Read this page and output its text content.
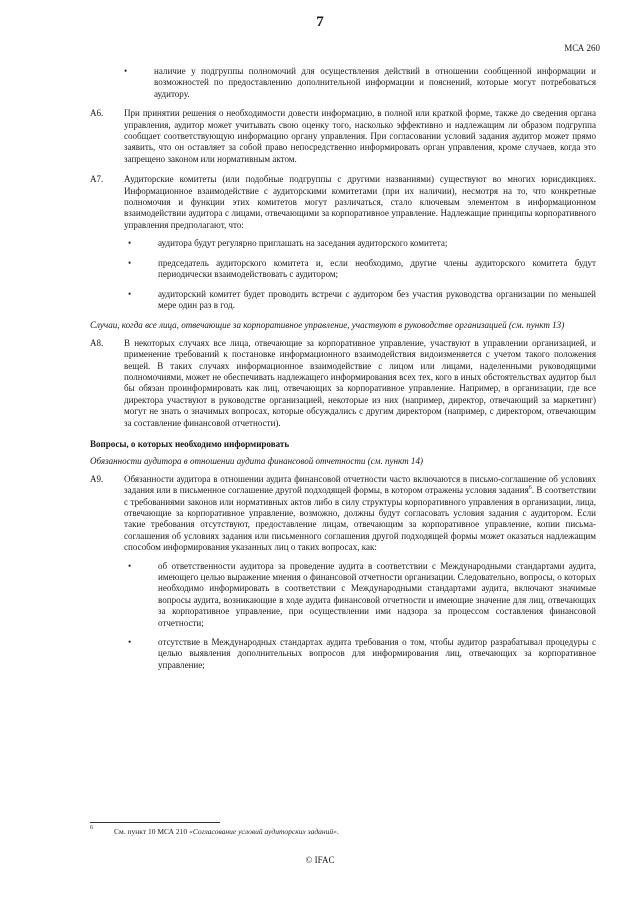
7
МСА 260
•	наличие у подгруппы полномочий для осуществления действий в отношении сообщенной информации и возможностей по предоставлению дополнительной информации и пояснений, которые могут потребоваться аудитору.
A6. При принятии решения о необходимости довести информацию, в полной или краткой форме, также до сведения органа управления, аудитор может учитывать свою оценку того, насколько эффективно и надлежащим ли образом подгруппа сообщает соответствующую информацию органу управления. При согласовании условий задания аудитор может прямо заявить, что он оставляет за собой право непосредственно информировать орган управления, кроме случаев, когда это запрещено законом или нормативным актом.
A7. Аудиторские комитеты (или подобные подгруппы с другими названиями) существуют во многих юрисдикциях. Информационное взаимодействие с аудиторскими комитетами (при их наличии), несмотря на то, что конкретные полномочия и функции этих комитетов могут различаться, стало ключевым элементом в информационном взаимодействии аудитора с лицами, отвечающими за корпоративное управление. Надлежащие принципы корпоративного управления предполагают, что:
•	аудитора будут регулярно приглашать на заседания аудиторского комитета;
•	председатель аудиторского комитета и, если необходимо, другие члены аудиторского комитета будут периодически взаимодействовать с аудитором;
•	аудиторский комитет будет проводить встречи с аудитором без участия руководства организации по меньшей мере один раз в год.
Случаи, когда все лица, отвечающие за корпоративное управление, участвуют в руководстве организацией (см. пункт 13)
A8. В некоторых случаях все лица, отвечающие за корпоративное управление, участвуют в управлении организацией, и применение требований к постановке информационного взаимодействия видоизменяется с учетом такого положения вещей. В таких случаях информационное взаимодействие с лицом или лицами, наделенными руководящими полномочиями, может не обеспечивать надлежащего информирования всех тех, кого в иных обстоятельствах аудитор был бы обязан проинформировать как лиц, отвечающих за корпоративное управление. Например, в организации, где все директора участвуют в руководстве организацией, некоторые из них (например, директор, отвечающий за маркетинг) могут не знать о значимых вопросах, которые обсуждались с другим директором (например, с директором, отвечающим за составление финансовой отчетности).
Вопросы, о которых необходимо информировать
Обязанности аудитора в отношении аудита финансовой отчетности (см. пункт 14)
A9. Обязанности аудитора в отношении аудита финансовой отчетности часто включаются в письмо-соглашение об условиях задания или в письменное соглашение другой подходящей формы, в котором отражены условия задания$^6$. В соответствии с требованиями законов или нормативных актов либо в силу структуры корпоративного управления в организации, лица, отвечающие за корпоративное управление, возможно, должны будут согласовать условия задания с аудитором. Если такие требования отсутствуют, предоставление лицам, отвечающим за корпоративное управление, копии письма-соглашения об условиях задания или письменного соглашения другой подходящей формы может оказаться надлежащим способом информирования указанных лиц о таких вопросах, как:
•	об ответственности аудитора за проведение аудита в соответствии с Международными стандартами аудита, имеющего целью выражение мнения о финансовой отчетности организации. Следовательно, вопросы, о которых необходимо информировать в соответствии с Международными стандартами аудита, включают значимые вопросы аудита, возникающие в ходе аудита финансовой отчетности и имеющие значение для лиц, отвечающих за корпоративное управление, при осуществлении ими надзора за процессом составления финансовой отчетности;
•	отсутствие в Международных стандартах аудита требования о том, чтобы аудитор разрабатывал процедуры с целью выявления дополнительных вопросов для информирования лиц, отвечающих за корпоративное управление;
6	См. пункт 10 МСА 210 «Согласование условий аудиторских заданий».
© IFAC
